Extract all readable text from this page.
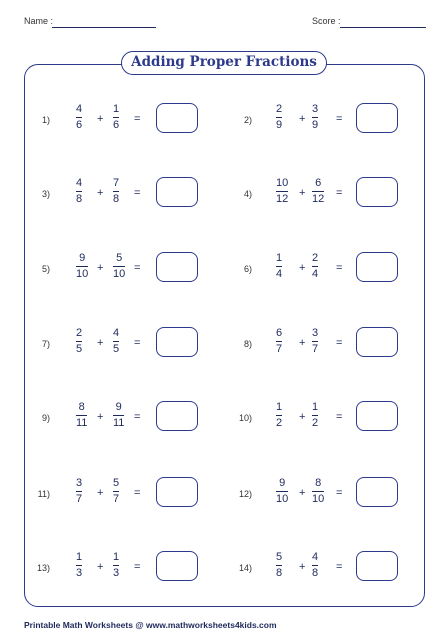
Name :	Score :
Adding Proper Fractions
1)
4
6 +
1
6 =	2)
2
9 +
3
9 =
3)
4
8 +
7
8 =	4)
10
12 +
6
12 =
5)
9
10 +
5
10 =	6)
1
4 +
2
4 =
7)
2
5 +
4
5 =	8)
6
7 +
3
7 =
9)
8
11 +
9
11 =	10)
1
2 +
1
2 =
11)
3
7 +
5
7 =	12)
9
10 +
8
10 =
13)
1
3 +
1
3 =	14)
5
8 +
4
8 =
Printable Math Worksheets @ www.mathworksheets4kids.com
